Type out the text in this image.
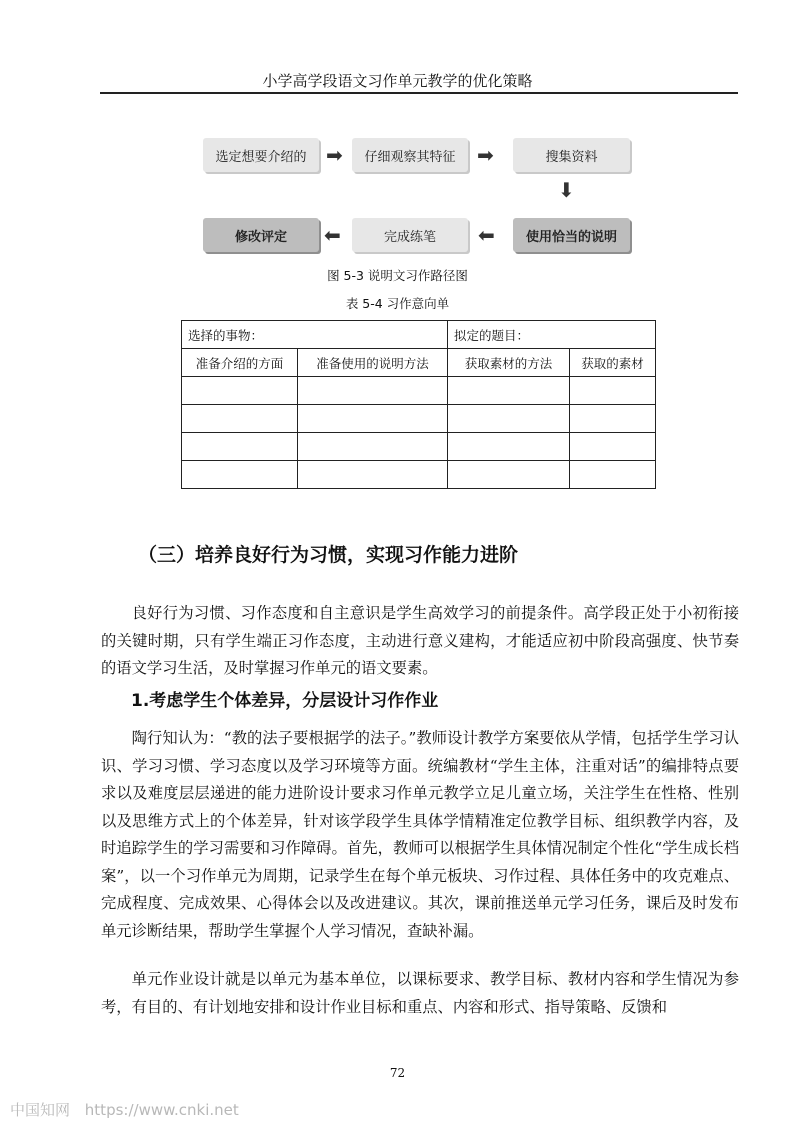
小学高学段语文习作单元教学的优化策略
选定想要介绍的 ➡	仔细观察其特征	➡	搜集资料
⬇
使用恰当的说明
⬅
完成练笔
⬅
修改评定
图 5-3 说明文习作路径图
表 5-4 习作意向单
选择的事物：		拟定的题目：	
准备介绍的方面	准备使用的说明方法	获取素材的方法	获取的素材

（三）培养良好行为习惯，实现习作能力进阶
良好行为习惯、习作态度和自主意识是学生高效学习的前提条件。高学段正处于小初衔接的关键时期，只有学生端正习作态度，主动进行意义建构，才能适应初中阶段高强度、快节奏的语文学习生活，及时掌握习作单元的语文要素。
1.考虑学生个体差异，分层设计习作作业
陶行知认为：“教的法子要根据学的法子。”教师设计教学方案要依从学情，包括学生学习认识、学习习惯、学习态度以及学习环境等方面。统编教材“学生主体，注重对话”的编排特点要求以及难度层层递进的能力进阶设计要求习作单元教学立足儿童立场，关注学生在性格、性别以及思维方式上的个体差异，针对该学段学生具体学情精准定位教学目标、组织教学内容，及时追踪学生的学习需要和习作障碍。首先，教师可以根据学生具体情况制定个性化“学生成长档案”，以一个习作单元为周期，记录学生在每个单元板块、习作过程、具体任务中的攻克难点、完成程度、完成效果、心得体会以及改进建议。其次，课前推送单元学习任务，课后及时发布单元诊断结果，帮助学生掌握个人学习情况，查缺补漏。
单元作业设计就是以单元为基本单位，以课标要求、教学目标、教材内容和学生情况为参考，有目的、有计划地安排和设计作业目标和重点、内容和形式、指导策略、反馈和
72
中国知网 https://www.cnki.net
